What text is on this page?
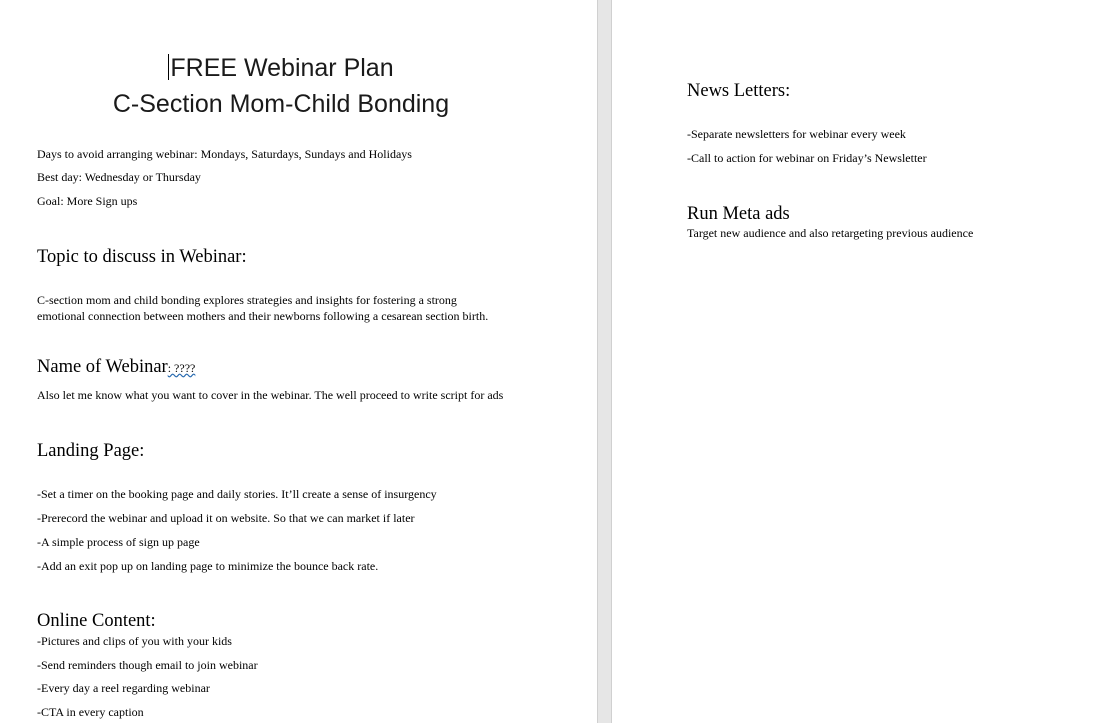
FREE Webinar Plan
C-Section Mom-Child Bonding
Days to avoid arranging webinar: Mondays, Saturdays, Sundays and Holidays
Best day: Wednesday or Thursday
Goal: More Sign ups
Topic to discuss in Webinar:
C-section mom and child bonding explores strategies and insights for fostering a strong
emotional connection between mothers and their newborns following a cesarean section birth.
Name of Webinar: ????
Also let me know what you want to cover in the webinar. The well proceed to write script for ads
Landing Page:
-Set a timer on the booking page and daily stories. It’ll create a sense of insurgency
-Prerecord the webinar and upload it on website. So that we can market if later
-A simple process of sign up page
-Add an exit pop up on landing page to minimize the bounce back rate.
Online Content:
-Pictures and clips of you with your kids
-Send reminders though email to join webinar
-Every day a reel regarding webinar
-CTA in every caption
News Letters:
-Separate newsletters for webinar every week
-Call to action for webinar on Friday’s Newsletter
Run Meta ads
Target new audience and also retargeting previous audience
